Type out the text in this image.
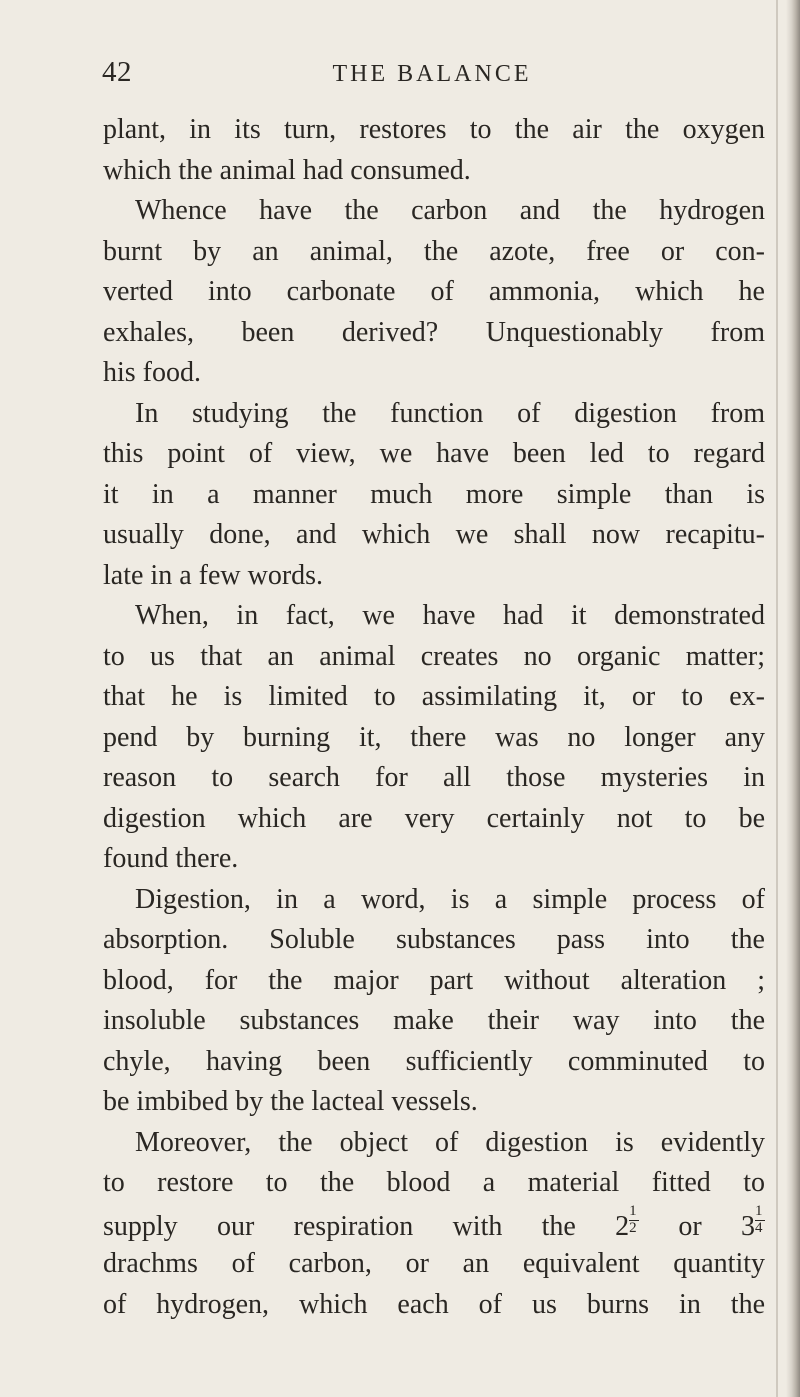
42	THE BALANCE
plant, in its turn, restores to the air the oxygen
which the animal had consumed.
Whence have the carbon and the hydrogen
burnt by an animal, the azote, free or con-
verted into carbonate of ammonia, which he
exhales, been derived? Unquestionably from
his food.
In studying the function of digestion from
this point of view, we have been led to regard
it in a manner much more simple than is
usually done, and which we shall now recapitu-
late in a few words.
When, in fact, we have had it demonstrated
to us that an animal creates no organic matter;
that he is limited to assimilating it, or to ex-
pend by burning it, there was no longer any
reason to search for all those mysteries in
digestion which are very certainly not to be
found there.
Digestion, in a word, is a simple process of
absorption. Soluble substances pass into the
blood, for the major part without alteration ;
insoluble substances make their way into the
chyle, having been sufficiently comminuted to
be imbibed by the lacteal vessels.
Moreover, the object of digestion is evidently
to restore to the blood a material fitted to
supply our respiration with the $2 \frac{1}{2}$ or $3 \frac{1}{4}$
drachms of carbon, or an equivalent quantity
of hydrogen, which each of us burns in the
